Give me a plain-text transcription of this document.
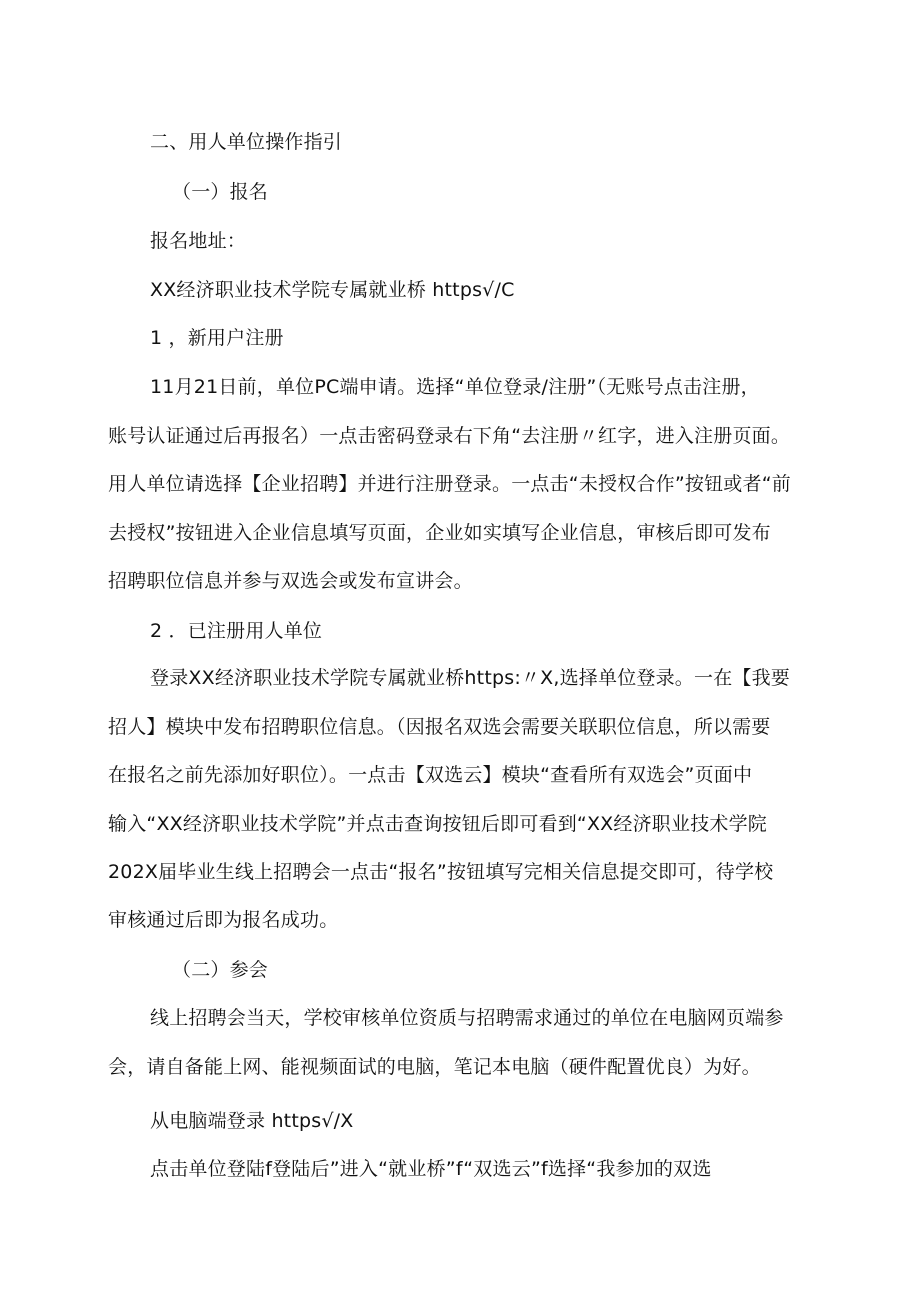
二、用人单位操作指引
（一）报名
报名地址：
XX经济职业技术学院专属就业桥 https√/C
1 ，新用户注册
11月21日前，单位PC端申请。选择“单位登录/注册”（无账号点击注册，
账号认证通过后再报名）一点击密码登录右下角“去注册〃红字，进入注册页面。
用人单位请选择【企业招聘】并进行注册登录。一点击“未授权合作”按钮或者“前
去授权”按钮进入企业信息填写页面，企业如实填写企业信息，审核后即可发布
招聘职位信息并参与双选会或发布宣讲会。
2 ．已注册用人单位
登录XX经济职业技术学院专属就业桥https:〃X,选择单位登录。一在【我要
招人】模块中发布招聘职位信息。（因报名双选会需要关联职位信息，所以需要
在报名之前先添加好职位）。一点击【双选云】模块“查看所有双选会”页面中
输入“XX经济职业技术学院”并点击查询按钮后即可看到“XX经济职业技术学院
202X届毕业生线上招聘会一点击“报名”按钮填写完相关信息提交即可，待学校
审核通过后即为报名成功。
（二）参会
线上招聘会当天，学校审核单位资质与招聘需求通过的单位在电脑网页端参
会，请自备能上网、能视频面试的电脑，笔记本电脑（硬件配置优良）为好。
从电脑端登录 https√/X
点击单位登陆f登陆后”进入“就业桥”f“双选云”f选择“我参加的双选
